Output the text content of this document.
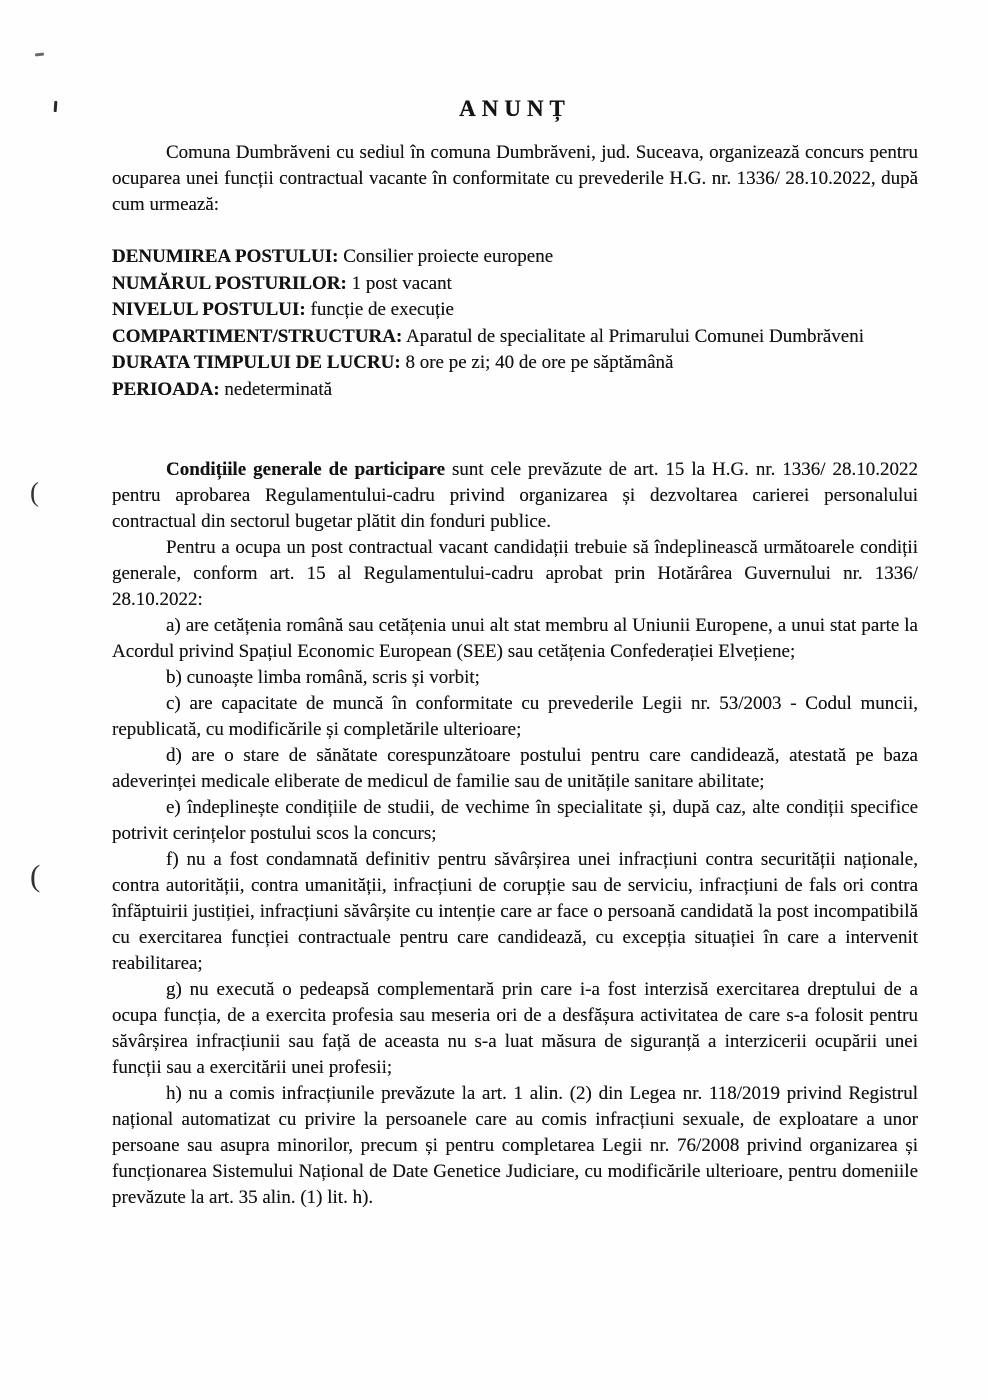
(
(
ANUNȚ

Comuna Dumbrăveni cu sediul în comuna Dumbrăveni, jud. Suceava, organizează concurs pentru ocuparea unei funcții contractual vacante în conformitate cu prevederile H.G. nr. 1336/ 28.10.2022, după cum urmează:

DENUMIREA POSTULUI: Consilier proiecte europene

NUMĂRUL POSTURILOR: 1 post vacant

NIVELUL POSTULUI: funcție de execuție

COMPARTIMENT/STRUCTURA: Aparatul de specialitate al Primarului Comunei Dumbrăveni

DURATA TIMPULUI DE LUCRU: 8 ore pe zi; 40 de ore pe săptămână

PERIOADA: nedeterminată

Condițiile generale de participare sunt cele prevăzute de art. 15 la H.G. nr. 1336/ 28.10.2022 pentru aprobarea Regulamentului-cadru privind organizarea și dezvoltarea carierei personalului contractual din sectorul bugetar plătit din fonduri publice.

Pentru a ocupa un post contractual vacant candidații trebuie să îndeplinească următoarele condiții generale, conform art. 15 al Regulamentului-cadru aprobat prin Hotărârea Guvernului nr. 1336/ 28.10.2022:

a) are cetățenia română sau cetățenia unui alt stat membru al Uniunii Europene, a unui stat parte la Acordul privind Spațiul Economic European (SEE) sau cetățenia Confederației Elvețiene;

b) cunoaște limba română, scris și vorbit;

c) are capacitate de muncă în conformitate cu prevederile Legii nr. 53/2003 - Codul muncii, republicată, cu modificările și completările ulterioare;

d) are o stare de sănătate corespunzătoare postului pentru care candidează, atestată pe baza adeverinței medicale eliberate de medicul de familie sau de unitățile sanitare abilitate;

e) îndeplinește condițiile de studii, de vechime în specialitate și, după caz, alte condiții specifice potrivit cerințelor postului scos la concurs;

f) nu a fost condamnată definitiv pentru săvârșirea unei infracțiuni contra securității naționale, contra autorității, contra umanității, infracțiuni de corupție sau de serviciu, infracțiuni de fals ori contra înfăptuirii justiției, infracțiuni săvârșite cu intenție care ar face o persoană candidată la post incompatibilă cu exercitarea funcției contractuale pentru care candidează, cu excepția situației în care a intervenit reabilitarea;

g) nu execută o pedeapsă complementară prin care i-a fost interzisă exercitarea dreptului de a ocupa funcția, de a exercita profesia sau meseria ori de a desfășura activitatea de care s-a folosit pentru săvârșirea infracțiunii sau față de aceasta nu s-a luat măsura de siguranță a interzicerii ocupării unei funcții sau a exercitării unei profesii;

h) nu a comis infracțiunile prevăzute la art. 1 alin. (2) din Legea nr. 118/2019 privind Registrul național automatizat cu privire la persoanele care au comis infracțiuni sexuale, de exploatare a unor persoane sau asupra minorilor, precum și pentru completarea Legii nr. 76/2008 privind organizarea și funcționarea Sistemului Național de Date Genetice Judiciare, cu modificările ulterioare, pentru domeniile prevăzute la art. 35 alin. (1) lit. h).
